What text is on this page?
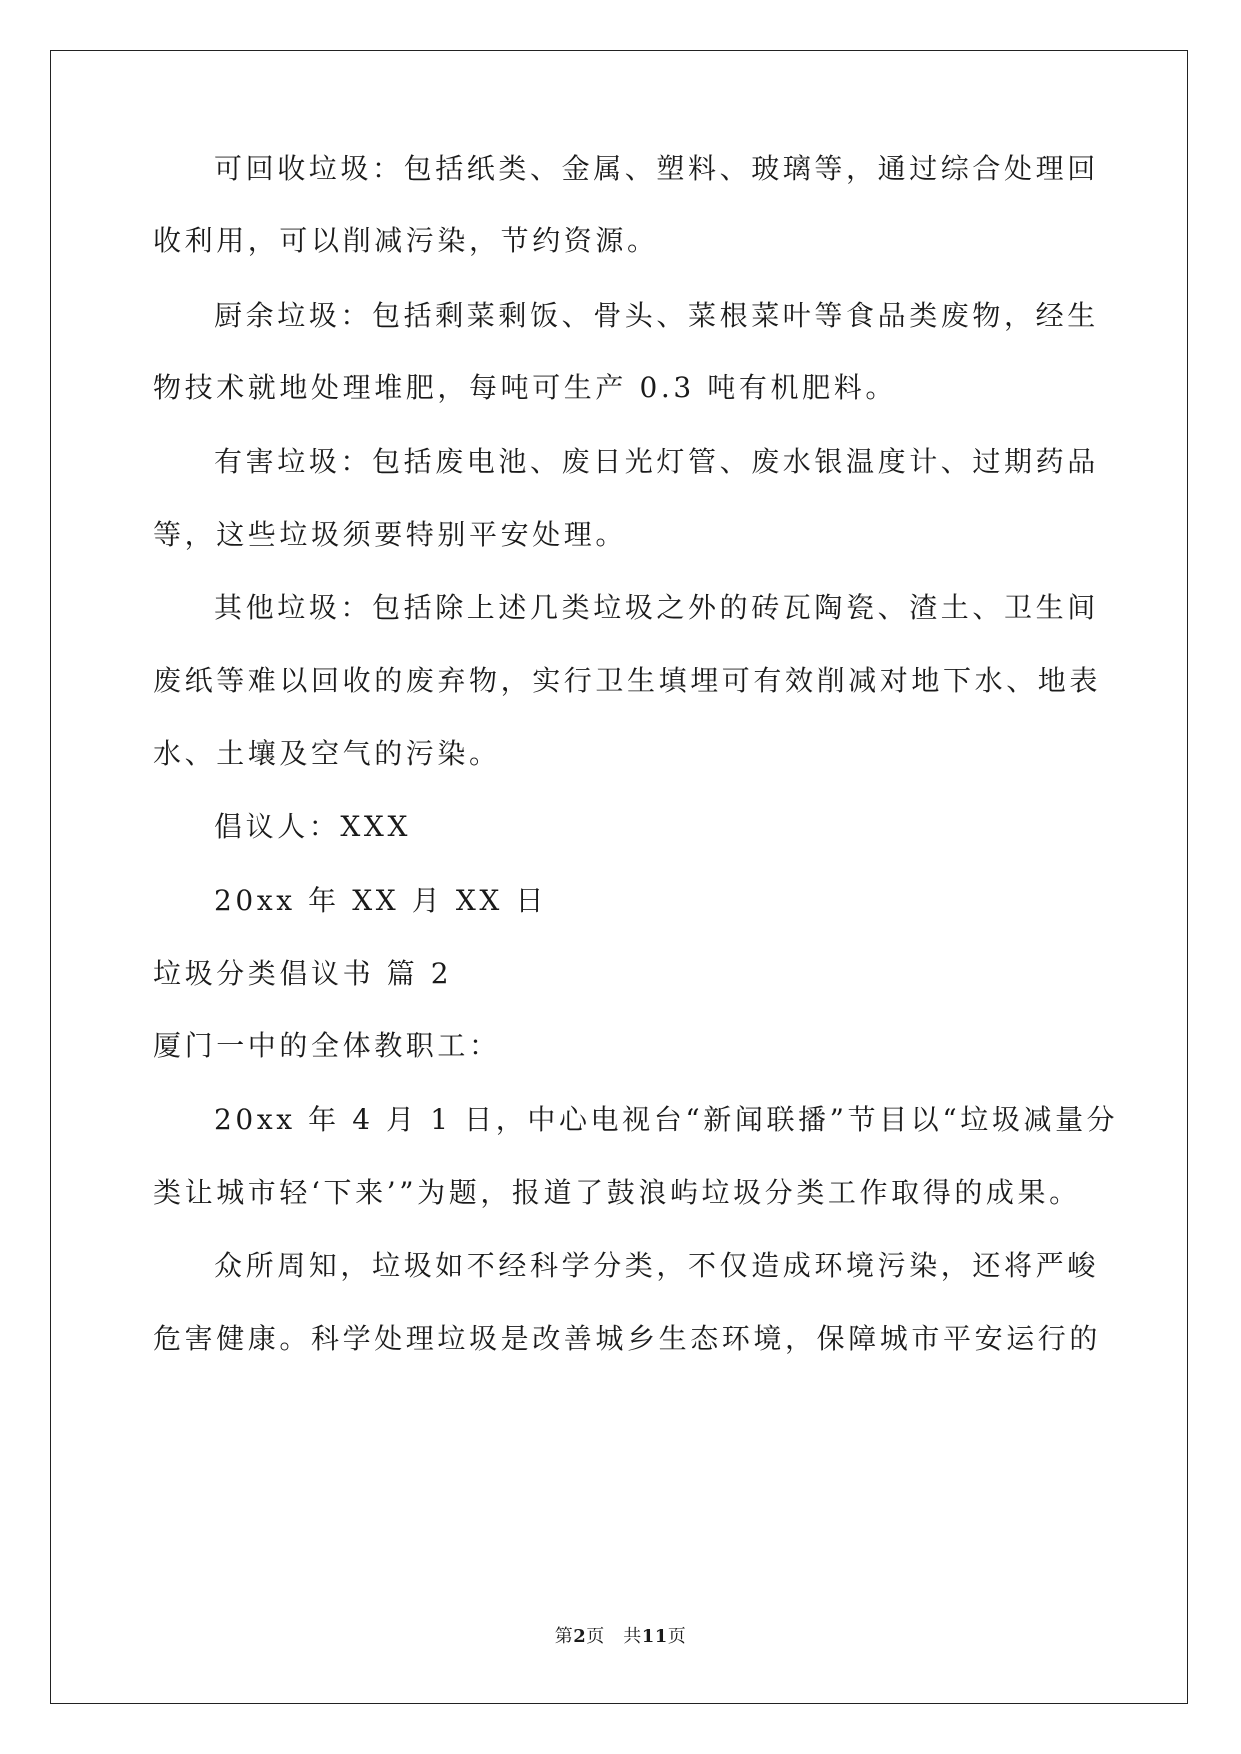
可回收垃圾：包括纸类、金属、塑料、玻璃等，通过综合处理回
收利用，可以削减污染，节约资源。
厨余垃圾：包括剩菜剩饭、骨头、菜根菜叶等食品类废物，经生
物技术就地处理堆肥，每吨可生产 0.3 吨有机肥料。
有害垃圾：包括废电池、废日光灯管、废水银温度计、过期药品
等，这些垃圾须要特别平安处理。
其他垃圾：包括除上述几类垃圾之外的砖瓦陶瓷、渣土、卫生间
废纸等难以回收的废弃物，实行卫生填埋可有效削减对地下水、地表
水、土壤及空气的污染。
倡议人：XXX
20xx 年 XX 月 XX 日
垃圾分类倡议书 篇 2
厦门一中的全体教职工：
20xx 年 4 月 1 日，中心电视台“新闻联播”节目以“垃圾减量分
类让城市轻‘下来’”为题，报道了鼓浪屿垃圾分类工作取得的成果。
众所周知，垃圾如不经科学分类，不仅造成环境污染，还将严峻
危害健康。科学处理垃圾是改善城乡生态环境，保障城市平安运行的
第2页　共11页
